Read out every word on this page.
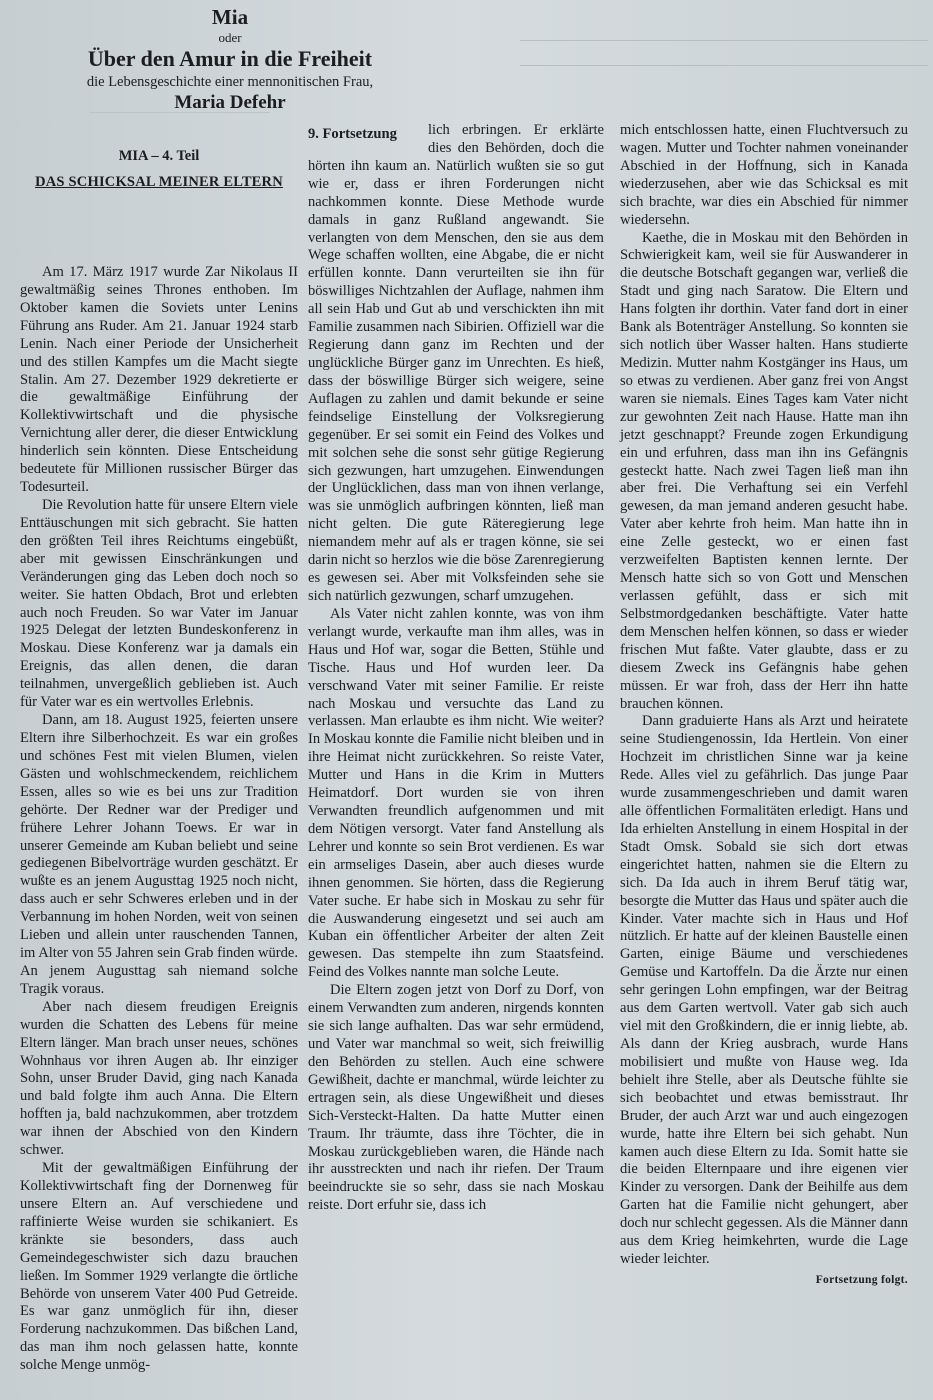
Mia
oder
Über den Amur in die Freiheit
die Lebensgeschichte einer mennonitischen Frau,
Maria Defehr
MIA – 4. Teil
DAS SCHICKSAL MEINER ELTERN

Am 17. März 1917 wurde Zar Nikolaus II gewaltmäßig seines Thrones enthoben. Im Oktober kamen die Soviets unter Lenins Führung ans Ruder. Am 21. Januar 1924 starb Lenin. Nach einer Periode der Unsicherheit und des stillen Kampfes um die Macht siegte Stalin. Am 27. Dezember 1929 dekretierte er die gewaltmäßige Einführung der Kollektivwirtschaft und die physische Vernichtung aller derer, die dieser Entwicklung hinderlich sein könnten. Diese Entscheidung bedeutete für Millionen russischer Bürger das Todesurteil.

Die Revolution hatte für unsere Eltern viele Enttäuschungen mit sich gebracht. Sie hatten den größten Teil ihres Reichtums eingebüßt, aber mit gewissen Einschränkungen und Veränderungen ging das Leben doch noch so weiter. Sie hatten Obdach, Brot und erlebten auch noch Freuden. So war Vater im Januar 1925 Delegat der letzten Bundeskonferenz in Moskau. Diese Konferenz war ja damals ein Ereignis, das allen denen, die daran teilnahmen, unvergeßlich geblieben ist. Auch für Vater war es ein wertvolles Erlebnis.

Dann, am 18. August 1925, feierten unsere Eltern ihre Silberhochzeit. Es war ein großes und schönes Fest mit vielen Blumen, vielen Gästen und wohlschmeckendem, reichlichem Essen, alles so wie es bei uns zur Tradition gehörte. Der Redner war der Prediger und frühere Lehrer Johann Toews. Er war in unserer Gemeinde am Kuban beliebt und seine gediegenen Bibelvorträge wurden geschätzt. Er wußte es an jenem Augusttag 1925 noch nicht, dass auch er sehr Schweres erleben und in der Verbannung im hohen Norden, weit von seinen Lieben und allein unter rauschenden Tannen, im Alter von 55 Jahren sein Grab finden würde. An jenem Augusttag sah niemand solche Tragik voraus.

Aber nach diesem freudigen Ereignis wurden die Schatten des Lebens für meine Eltern länger. Man brach unser neues, schönes Wohnhaus vor ihren Augen ab. Ihr einziger Sohn, unser Bruder David, ging nach Kanada und bald folgte ihm auch Anna. Die Eltern hofften ja, bald nachzukommen, aber trotzdem war ihnen der Abschied von den Kindern schwer.

Mit der gewaltmäßigen Einführung der Kollektivwirtschaft fing der Dornenweg für unsere Eltern an. Auf verschiedene und raffinierte Weise wurden sie schikaniert. Es kränkte sie besonders, dass auch Gemeindegeschwister sich dazu brauchen ließen. Im Sommer 1929 verlangte die örtliche Behörde von unserem Vater 400 Pud Getreide. Es war ganz unmöglich für ihn, dieser Forderung nachzukommen. Das bißchen Land, das man ihm noch gelassen hatte, konnte solche Menge unmög-

9. Fortsetzung	lich erbringen. Er erklärte dies den Behörden, doch die hörten ihn kaum an. Natürlich wußten sie so gut wie er, dass er ihren Forderungen nicht nachkommen konnte. Diese Methode wurde damals in ganz Rußland angewandt. Sie verlangten von dem Menschen, den sie aus dem Wege schaffen wollten, eine Abgabe, die er nicht erfüllen konnte. Dann verurteilten sie ihn für böswilliges Nichtzahlen der Auflage, nahmen ihm all sein Hab und Gut ab und verschickten ihn mit Familie zusammen nach Sibirien. Offiziell war die Regierung dann ganz im Rechten und der unglückliche Bürger ganz im Unrechten. Es hieß, dass der böswillige Bürger sich weigere, seine Auflagen zu zahlen und damit bekunde er seine feindselige Einstellung der Volksregierung gegenüber. Er sei somit ein Feind des Volkes und mit solchen sehe die sonst sehr gütige Regierung sich gezwungen, hart umzugehen. Einwendungen der Unglücklichen, dass man von ihnen verlange, was sie unmöglich aufbringen könnten, ließ man nicht gelten. Die gute Räteregierung lege niemandem mehr auf als er tragen könne, sie sei darin nicht so herzlos wie die böse Zarenregierung es gewesen sei. Aber mit Volksfeinden sehe sie sich natürlich gezwungen, scharf umzugehen.

Als Vater nicht zahlen konnte, was von ihm verlangt wurde, verkaufte man ihm alles, was in Haus und Hof war, sogar die Betten, Stühle und Tische. Haus und Hof wurden leer. Da verschwand Vater mit seiner Familie. Er reiste nach Moskau und versuchte das Land zu verlassen. Man erlaubte es ihm nicht. Wie weiter? In Moskau konnte die Familie nicht bleiben und in ihre Heimat nicht zurückkehren. So reiste Vater, Mutter und Hans in die Krim in Mutters Heimatdorf. Dort wurden sie von ihren Verwandten freundlich aufgenommen und mit dem Nötigen versorgt. Vater fand Anstellung als Lehrer und konnte so sein Brot verdienen. Es war ein armseliges Dasein, aber auch dieses wurde ihnen genommen. Sie hörten, dass die Regierung Vater suche. Er habe sich in Moskau zu sehr für die Auswanderung eingesetzt und sei auch am Kuban ein öffentlicher Arbeiter der alten Zeit gewesen. Das stempelte ihn zum Staatsfeind. Feind des Volkes nannte man solche Leute.

Die Eltern zogen jetzt von Dorf zu Dorf, von einem Verwandten zum anderen, nirgends konnten sie sich lange aufhalten. Das war sehr ermüdend, und Vater war manchmal so weit, sich freiwillig den Behörden zu stellen. Auch eine schwere Gewißheit, dachte er manchmal, würde leichter zu ertragen sein, als diese Ungewißheit und dieses Sich-Versteckt-Halten. Da hatte Mutter einen Traum. Ihr träumte, dass ihre Töchter, die in Moskau zurückgeblieben waren, die Hände nach ihr ausstreckten und nach ihr riefen. Der Traum beeindruckte sie so sehr, dass sie nach Moskau reiste. Dort erfuhr sie, dass ich

mich entschlossen hatte, einen Fluchtversuch zu wagen. Mutter und Tochter nahmen voneinander Abschied in der Hoffnung, sich in Kanada wiederzusehen, aber wie das Schicksal es mit sich brachte, war dies ein Abschied für nimmer wiedersehn.

Kaethe, die in Moskau mit den Behörden in Schwierigkeit kam, weil sie für Auswanderer in die deutsche Botschaft gegangen war, verließ die Stadt und ging nach Saratow. Die Eltern und Hans folgten ihr dorthin. Vater fand dort in einer Bank als Botenträger Anstellung. So konnten sie sich notlich über Wasser halten. Hans studierte Medizin. Mutter nahm Kostgänger ins Haus, um so etwas zu verdienen. Aber ganz frei von Angst waren sie niemals. Eines Tages kam Vater nicht zur gewohnten Zeit nach Hause. Hatte man ihn jetzt geschnappt? Freunde zogen Erkundigung ein und erfuhren, dass man ihn ins Gefängnis gesteckt hatte. Nach zwei Tagen ließ man ihn aber frei. Die Verhaftung sei ein Verfehl gewesen, da man jemand anderen gesucht habe. Vater aber kehrte froh heim. Man hatte ihn in eine Zelle gesteckt, wo er einen fast verzweifelten Baptisten kennen lernte. Der Mensch hatte sich so von Gott und Menschen verlassen gefühlt, dass er sich mit Selbstmordgedanken beschäftigte. Vater hatte dem Menschen helfen können, so dass er wieder frischen Mut faßte. Vater glaubte, dass er zu diesem Zweck ins Gefängnis habe gehen müssen. Er war froh, dass der Herr ihn hatte brauchen können.

Dann graduierte Hans als Arzt und heiratete seine Studiengenossin, Ida Hertlein. Von einer Hochzeit im christlichen Sinne war ja keine Rede. Alles viel zu gefährlich. Das junge Paar wurde zusammengeschrieben und damit waren alle öffentlichen Formalitäten erledigt. Hans und Ida erhielten Anstellung in einem Hospital in der Stadt Omsk. Sobald sie sich dort etwas eingerichtet hatten, nahmen sie die Eltern zu sich. Da Ida auch in ihrem Beruf tätig war, besorgte die Mutter das Haus und später auch die Kinder. Vater machte sich in Haus und Hof nützlich. Er hatte auf der kleinen Baustelle einen Garten, einige Bäume und verschiedenes Gemüse und Kartoffeln. Da die Ärzte nur einen sehr geringen Lohn empfingen, war der Beitrag aus dem Garten wertvoll. Vater gab sich auch viel mit den Großkindern, die er innig liebte, ab. Als dann der Krieg ausbrach, wurde Hans mobilisiert und mußte von Hause weg. Ida behielt ihre Stelle, aber als Deutsche fühlte sie sich beobachtet und etwas bemisstraut. Ihr Bruder, der auch Arzt war und auch eingezogen wurde, hatte ihre Eltern bei sich gehabt. Nun kamen auch diese Eltern zu Ida. Somit hatte sie die beiden Elternpaare und ihre eigenen vier Kinder zu versorgen. Dank der Beihilfe aus dem Garten hat die Familie nicht gehungert, aber doch nur schlecht gegessen. Als die Männer dann aus dem Krieg heimkehrten, wurde die Lage wieder leichter.

Fortsetzung folgt.
